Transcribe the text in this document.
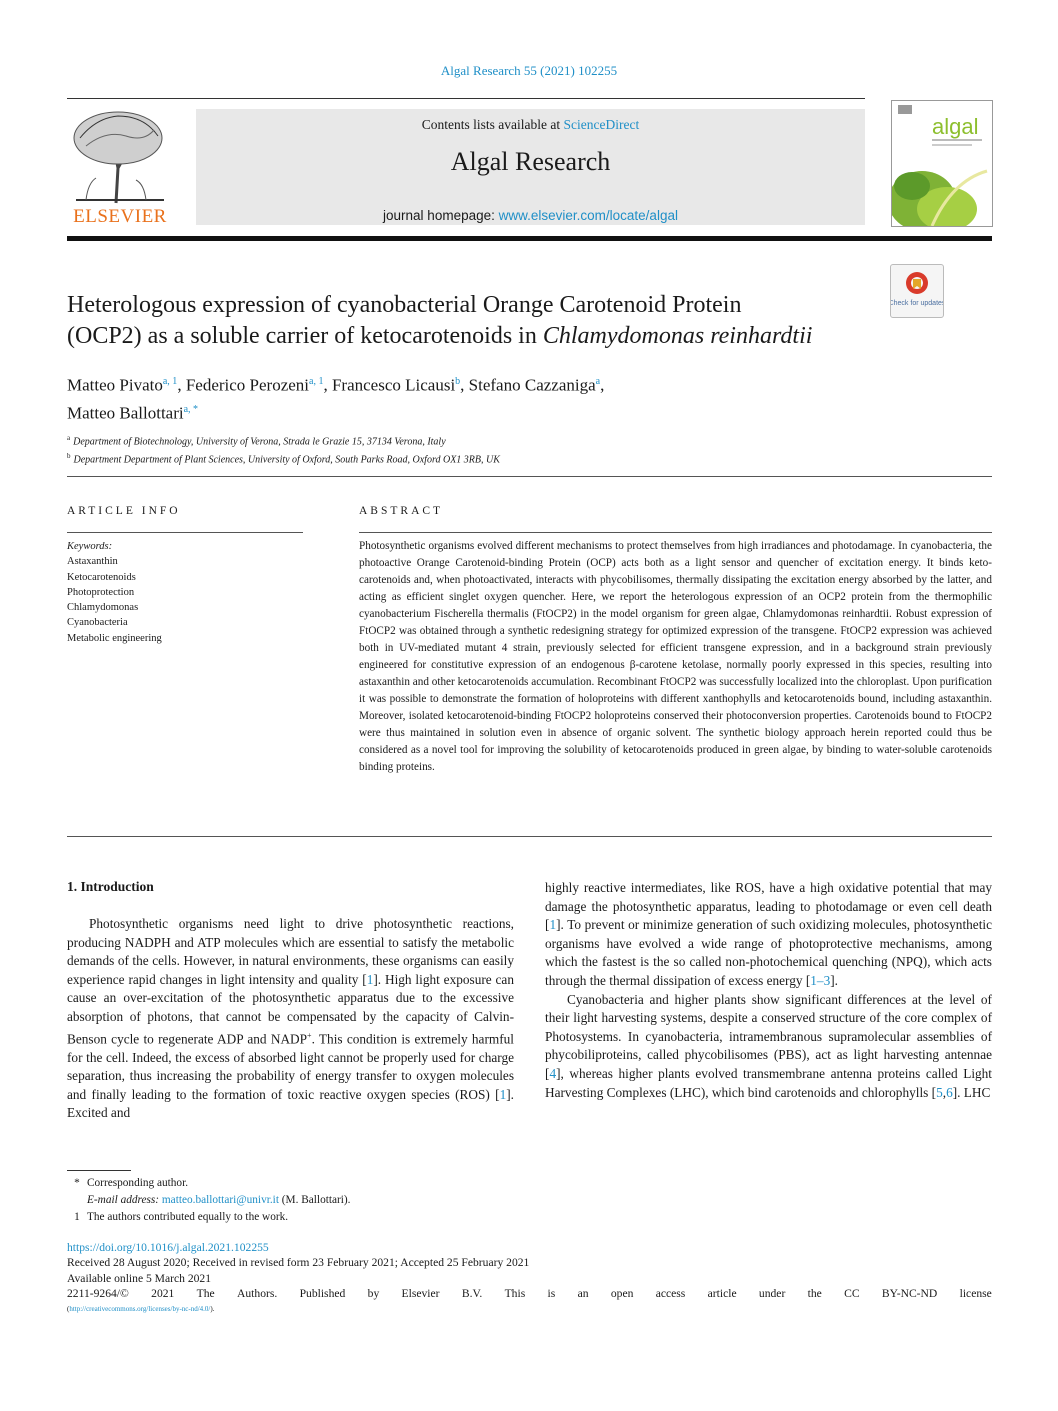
Algal Research 55 (2021) 102255
ELSEVIER
Contents lists available at ScienceDirect
Algal Research
journal homepage: www.elsevier.com/locate/algal
algal
Check for updates
Heterologous expression of cyanobacterial Orange Carotenoid Protein
(OCP2) as a soluble carrier of ketocarotenoids in Chlamydomonas reinhardtii
Matteo Pivato$^{a, 1}$, Federico Perozeni$^{a, 1}$, Francesco Licausi$^b$, Stefano Cazzaniga$^a$,
Matteo Ballottari$^{a, *}$
$^a$ Department of Biotechnology, University of Verona, Strada le Grazie 15, 37134 Verona, Italy
$^b$ Department Department of Plant Sciences, University of Oxford, South Parks Road, Oxford OX1 3RB, UK
ARTICLE INFO
Keywords:
Astaxanthin
Ketocarotenoids
Photoprotection
Chlamydomonas
Cyanobacteria
Metabolic engineering
ABSTRACT
Photosynthetic organisms evolved different mechanisms to protect themselves from high irradiances and photodamage. In cyanobacteria, the photoactive Orange Carotenoid-binding Protein (OCP) acts both as a light sensor and quencher of excitation energy. It binds keto-carotenoids and, when photoactivated, interacts with phycobilisomes, thermally dissipating the excitation energy absorbed by the latter, and acting as efficient singlet oxygen quencher. Here, we report the heterologous expression of an OCP2 protein from the thermophilic cyanobacterium Fischerella thermalis (FtOCP2) in the model organism for green algae, Chlamydomonas reinhardtii. Robust expression of FtOCP2 was obtained through a synthetic redesigning strategy for optimized expression of the transgene. FtOCP2 expression was achieved both in UV-mediated mutant 4 strain, previously selected for efficient transgene expression, and in a background strain previously engineered for constitutive expression of an endogenous β-carotene ketolase, normally poorly expressed in this species, resulting into astaxanthin and other ketocarotenoids accumulation. Recombinant FtOCP2 was successfully localized into the chloroplast. Upon purification it was possible to demonstrate the formation of holoproteins with different xanthophylls and ketocarotenoids bound, including astaxanthin. Moreover, isolated ketocarotenoid-binding FtOCP2 holoproteins conserved their photoconversion properties. Carotenoids bound to FtOCP2 were thus maintained in solution even in absence of organic solvent. The synthetic biology approach herein reported could thus be considered as a novel tool for improving the solubility of ketocarotenoids produced in green algae, by binding to water-soluble carotenoids binding proteins.
1. Introduction

Photosynthetic organisms need light to drive photosynthetic reactions, producing NADPH and ATP molecules which are essential to satisfy the metabolic demands of the cells. However, in natural environments, these organisms can easily experience rapid changes in light intensity and quality [1]. High light exposure can cause an over-excitation of the photosynthetic apparatus due to the excessive absorption of photons, that cannot be compensated by the capacity of Calvin-Benson cycle to regenerate ADP and NADP+. This condition is extremely harmful for the cell. Indeed, the excess of absorbed light cannot be properly used for charge separation, thus increasing the probability of energy transfer to oxygen molecules and finally leading to the formation of toxic reactive oxygen species (ROS) [1]. Excited and

highly reactive intermediates, like ROS, have a high oxidative potential that may damage the photosynthetic apparatus, leading to photodamage or even cell death [1]. To prevent or minimize generation of such oxidizing molecules, photosynthetic organisms have evolved a wide range of photoprotective mechanisms, among which the fastest is the so called non-photochemical quenching (NPQ), which acts through the thermal dissipation of excess energy [1–3].

Cyanobacteria and higher plants show significant differences at the level of their light harvesting systems, despite a conserved structure of the core complex of Photosystems. In cyanobacteria, intramembranous supramolecular assemblies of phycobiliproteins, called phycobilisomes (PBS), act as light harvesting antennae [4], whereas higher plants evolved transmembrane antenna proteins called Light Harvesting Complexes (LHC), which bind carotenoids and chlorophylls [5,6]. LHC

* Corresponding author.
E-mail address: matteo.ballottari@univr.it (M. Ballottari).
1 The authors contributed equally to the work.
https://doi.org/10.1016/j.algal.2021.102255
Received 28 August 2020; Received in revised form 23 February 2021; Accepted 25 February 2021
Available online 5 March 2021
2211-9264/© 2021 The Authors. Published by Elsevier B.V. This is an open access article under the CC BY-NC-ND license
(http://creativecommons.org/licenses/by-nc-nd/4.0/).
